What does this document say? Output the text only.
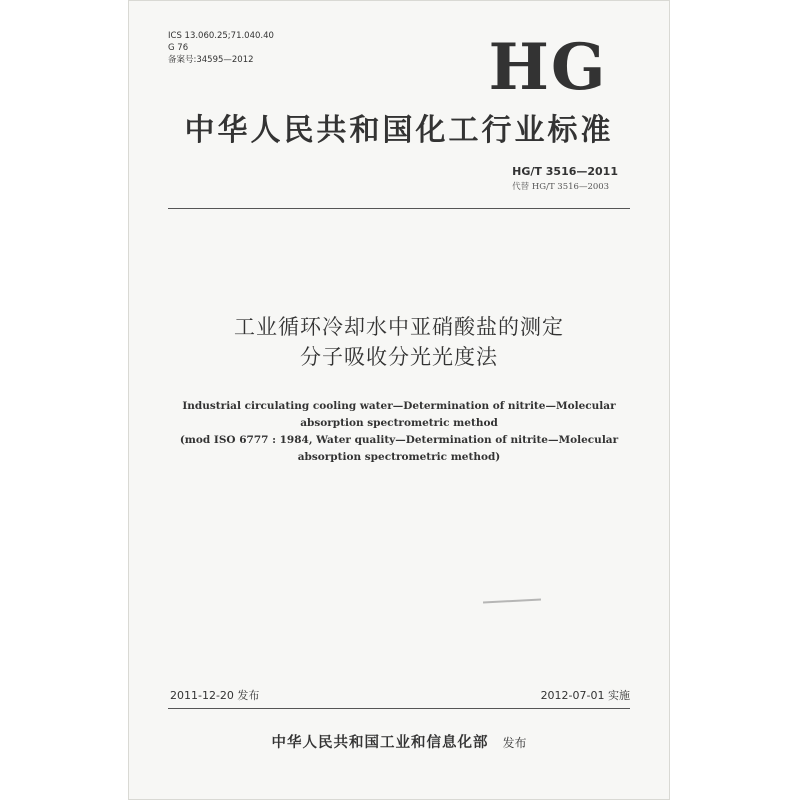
ICS 13.060.25;71.040.40
G 76
备案号:34595—2012	HG
中华人民共和国化工行业标准
HG/T 3516—2011
代替 HG/T 3516—2003
工业循环冷却水中亚硝酸盐的测定
分子吸收分光光度法
Industrial circulating cooling water—Determination of nitrite—Molecular
absorption spectrometric method
(mod ISO 6777 : 1984, Water quality—Determination of nitrite—Molecular
absorption spectrometric method)
2011-12-20 发布	2012-07-01 实施
中华人民共和国工业和信息化部 发布
